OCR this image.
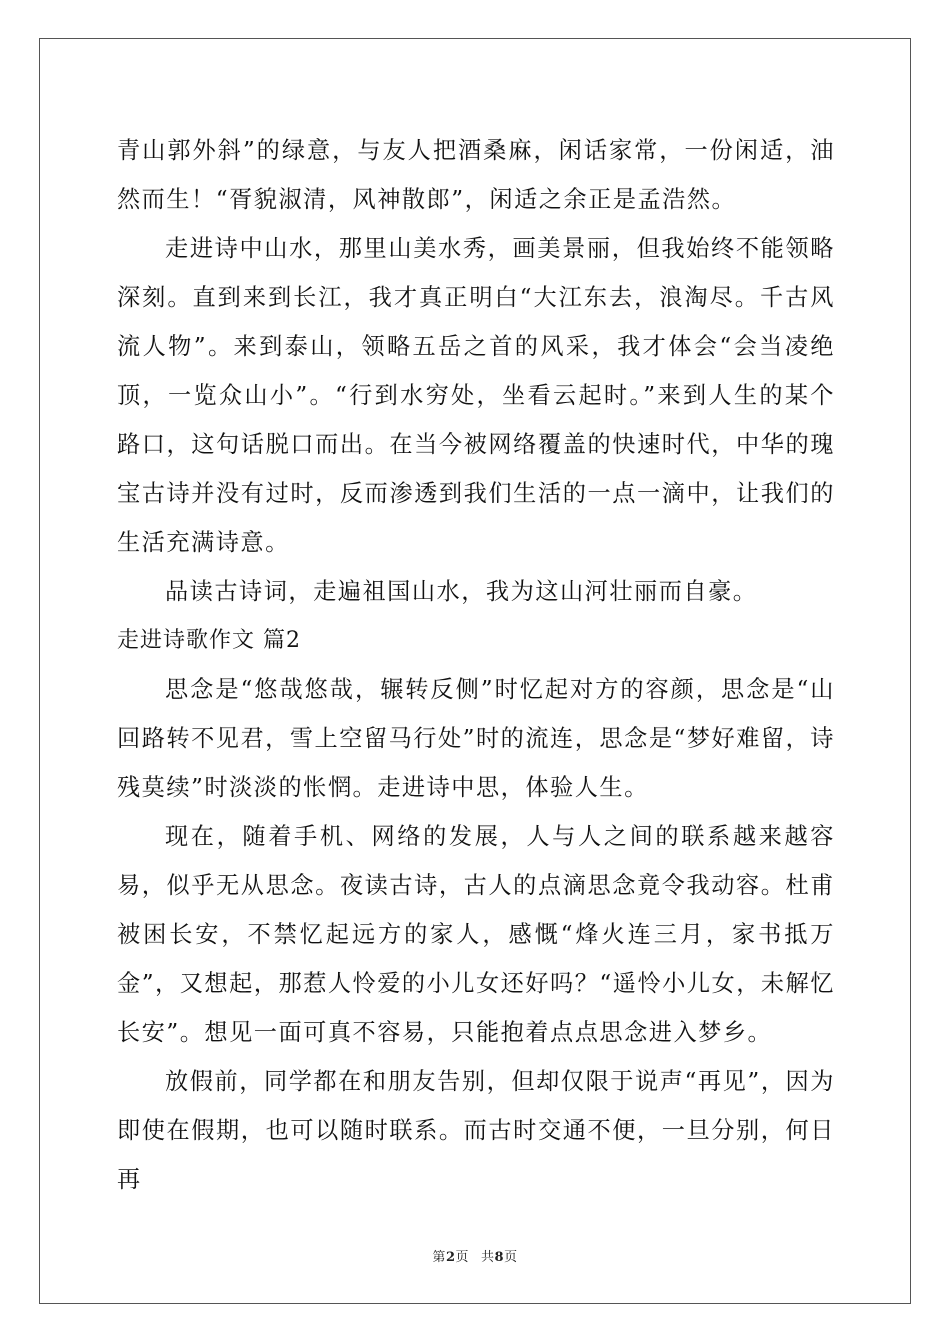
青山郭外斜”的绿意，与友人把酒桑麻，闲话家常，一份闲适，油然而生！“胥貌淑清，风神散郎”，闲适之余正是孟浩然。

走进诗中山水，那里山美水秀，画美景丽，但我始终不能领略深刻。直到来到长江，我才真正明白“大江东去，浪淘尽。千古风流人物”。来到泰山，领略五岳之首的风采，我才体会“会当凌绝顶，一览众山小”。“行到水穷处，坐看云起时。”来到人生的某个路口，这句话脱口而出。在当今被网络覆盖的快速时代，中华的瑰宝古诗并没有过时，反而渗透到我们生活的一点一滴中，让我们的生活充满诗意。

品读古诗词，走遍祖国山水，我为这山河壮丽而自豪。

走进诗歌作文 篇2

思念是“悠哉悠哉，辗转反侧”时忆起对方的容颜，思念是“山回路转不见君，雪上空留马行处”时的流连，思念是“梦好难留，诗残莫续”时淡淡的怅惘。走进诗中思，体验人生。

现在，随着手机、网络的发展，人与人之间的联系越来越容易，似乎无从思念。夜读古诗，古人的点滴思念竟令我动容。杜甫被困长安，不禁忆起远方的家人，感慨“烽火连三月，家书抵万金”，又想起，那惹人怜爱的小儿女还好吗？“遥怜小儿女，未解忆长安”。想见一面可真不容易，只能抱着点点思念进入梦乡。

放假前，同学都在和朋友告别，但却仅限于说声“再见”，因为即使在假期，也可以随时联系。而古时交通不便，一旦分别，何日再

第2页 共8页
